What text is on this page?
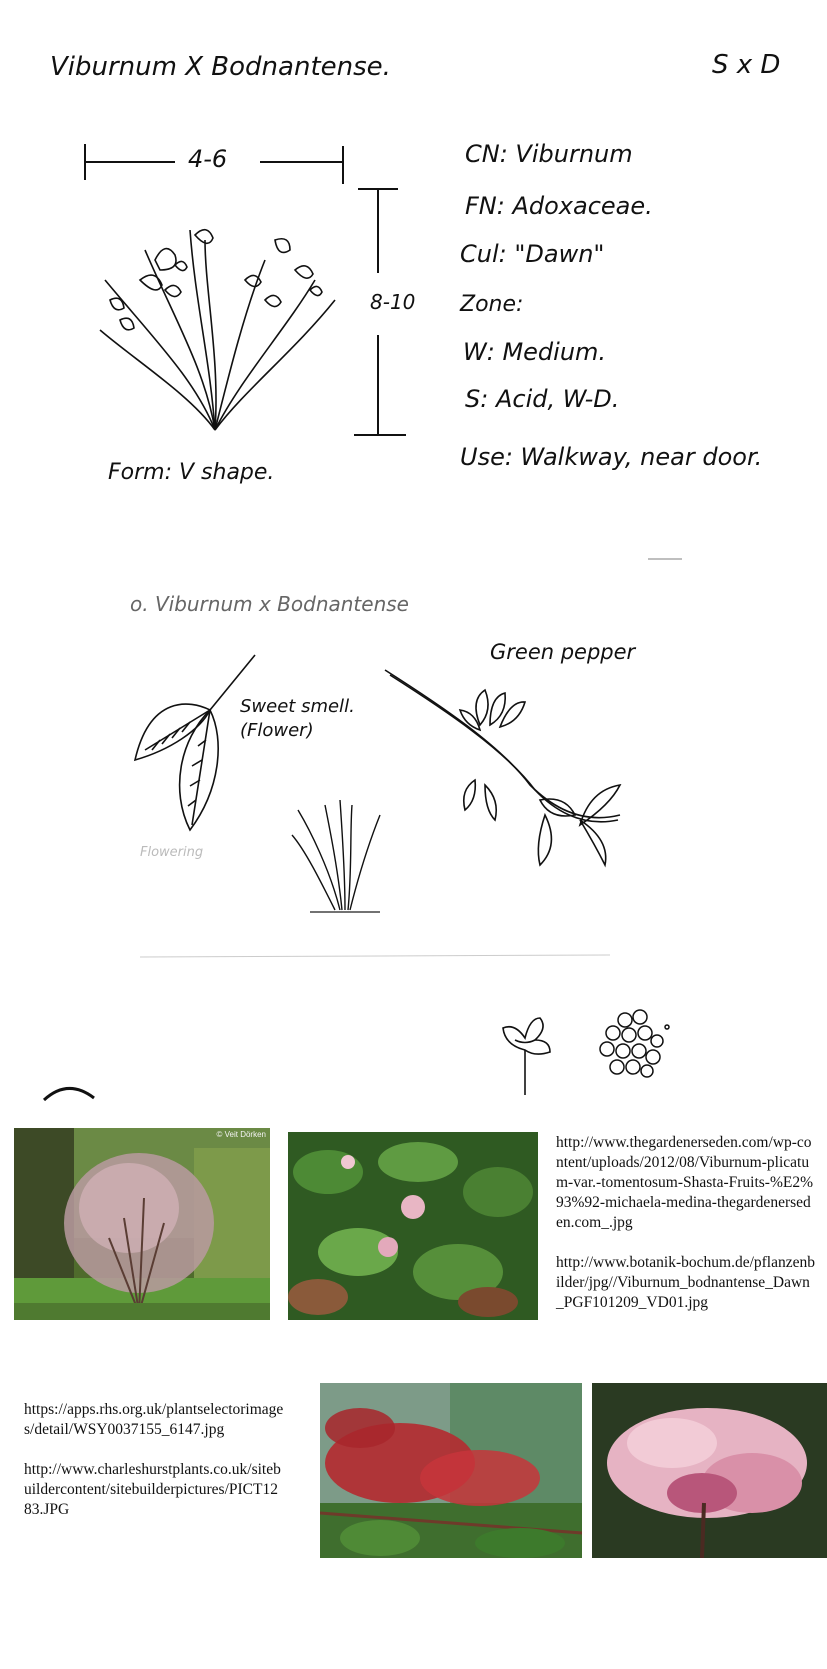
Viburnum X Bodnantense.	S x D
4-6
8-10
Form: V shape.
CN: Viburnum
FN: Adoxaceae.
Cul: "Dawn"
Zone:
W: Medium.
S: Acid, W-D.
Use: Walkway, near door.
o. Viburnum x Bodnantense
Green pepper
Sweet smell. (Flower)
Flowering
© Veit Dörken	http://www.thegardenerseden.com/wp-content/uploads/2012/08/Viburnum-plicatum-var.-tomentosum-Shasta-Fruits-%E2%93%92-michaela-medina-thegardenerseden.com_.jpg

http://www.botanik-bochum.de/pflanzenbilder/jpg//Viburnum_bodnantense_Dawn_PGF101209_VD01.jpg

https://apps.rhs.org.uk/plantselectorimages/detail/WSY0037155_6147.jpg

http://www.charleshurstplants.co.uk/sitebuildercontent/sitebuilderpictures/PICT1283.JPG
